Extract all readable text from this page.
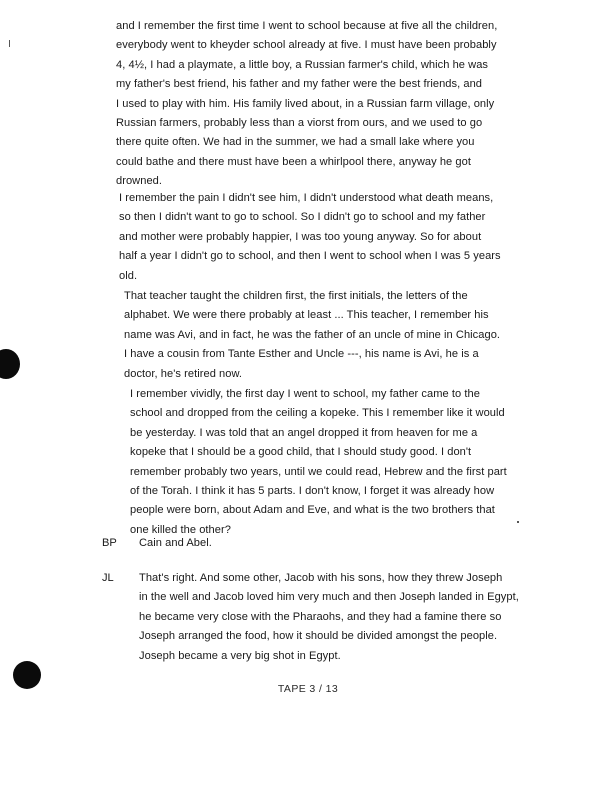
and I remember the first time I went to school because at five all the children,
everybody went to kheyder school already at five. I must have been probably
4, 4½, I had a playmate, a little boy, a Russian farmer's child, which he was
my father's best friend, his father and my father were the best friends, and
I used to play with him. His family lived about, in a Russian farm village, only
Russian farmers, probably less than a viorst from ours, and we used to go
there quite often. We had in the summer, we had a small lake where you
could bathe and there must have been a whirlpool there, anyway he got
drowned.
I remember the pain I didn't see him, I didn't understood what death means,
so then I didn't want to go to school. So I didn't go to school and my father
and mother were probably happier, I was too young anyway. So for about
half a year I didn't go to school, and then I went to school when I was 5 years
old.
That teacher taught the children first, the first initials, the letters of the
alphabet. We were there probably at least ... This teacher, I remember his
name was Avi, and in fact, he was the father of an uncle of mine in Chicago.
I have a cousin from Tante Esther and Uncle ---, his name is Avi, he is a
doctor, he's retired now.
I remember vividly, the first day I went to school, my father came to the
school and dropped from the ceiling a kopeke. This I remember like it would
be yesterday. I was told that an angel dropped it from heaven for me a
kopeke that I should be a good child, that I should study good. I don't
remember probably two years, until we could read, Hebrew and the first part
of the Torah. I think it has 5 parts. I don't know, I forget it was already how
people were born, about Adam and Eve, and what is the two brothers that
one killed the other?
BP Cain and Abel.
JL That's right. And some other, Jacob with his sons, how they threw Joseph
in the well and Jacob loved him very much and then Joseph landed in Egypt,
he became very close with the Pharaohs, and they had a famine there so
Joseph arranged the food, how it should be divided amongst the people.
Joseph became a very big shot in Egypt.
TAPE 3 / 13
